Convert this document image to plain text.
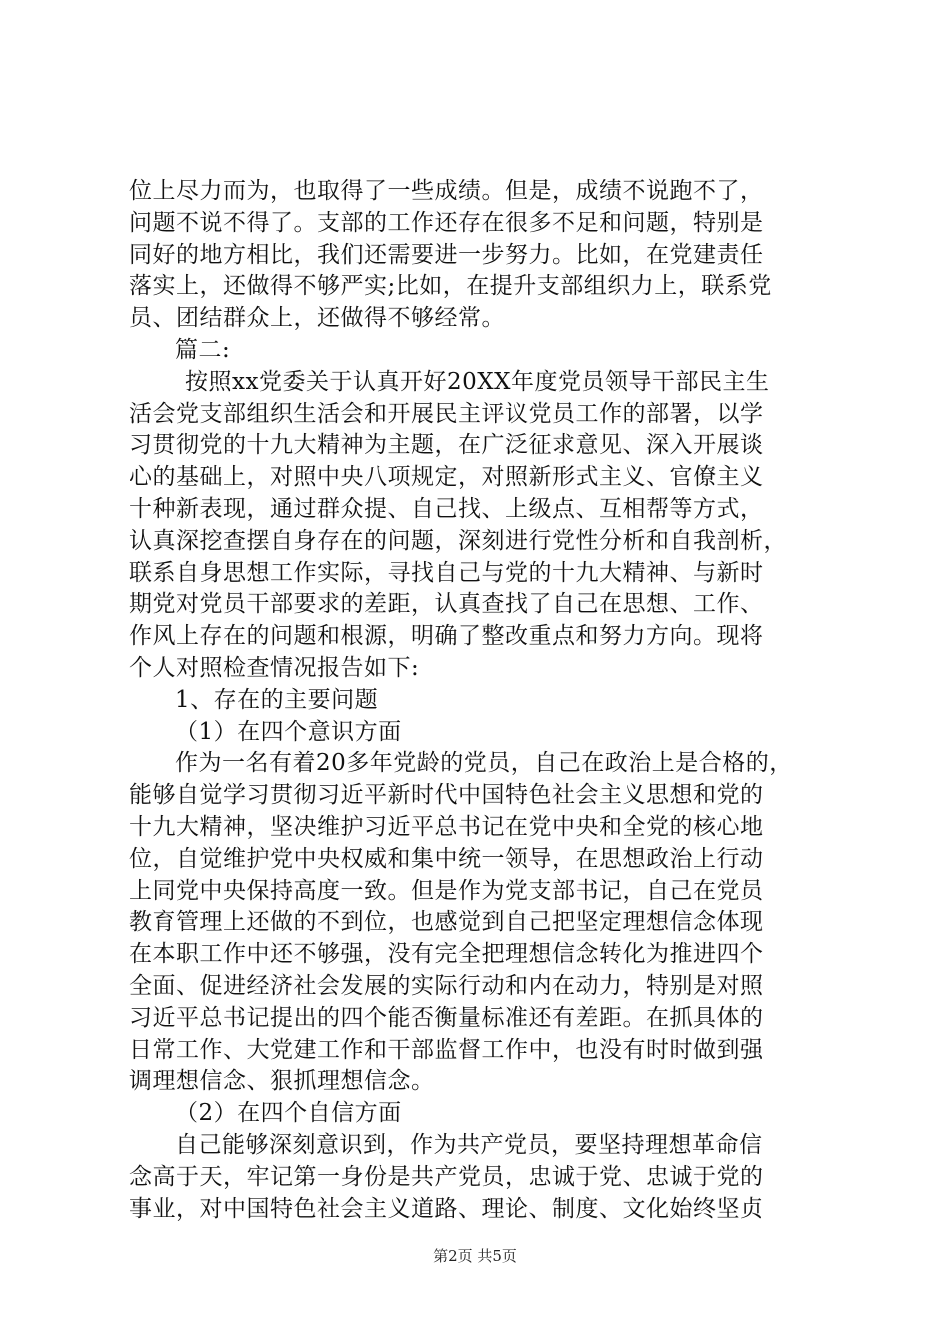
位上尽力而为，也取得了一些成绩。但是，成绩不说跑不了，
问题不说不得了。支部的工作还存在很多不足和问题，特别是
同好的地方相比，我们还需要进一步努力。比如，在党建责任
落实上，还做得不够严实;比如，在提升支部组织力上，联系党
员、团结群众上，还做得不够经常。
篇二:
按照xx党委关于认真开好20XX年度党员领导干部民主生
活会党支部组织生活会和开展民主评议党员工作的部署，以学
习贯彻党的十九大精神为主题，在广泛征求意见、深入开展谈
心的基础上，对照中央八项规定，对照新形式主义、官僚主义
十种新表现，通过群众提、自己找、上级点、互相帮等方式，
认真深挖查摆自身存在的问题，深刻进行党性分析和自我剖析，
联系自身思想工作实际，寻找自己与党的十九大精神、与新时
期党对党员干部要求的差距，认真查找了自己在思想、工作、
作风上存在的问题和根源，明确了整改重点和努力方向。现将
个人对照检查情况报告如下:
1、存在的主要问题
（1）在四个意识方面
作为一名有着20多年党龄的党员，自己在政治上是合格的，
能够自觉学习贯彻习近平新时代中国特色社会主义思想和党的
十九大精神，坚决维护习近平总书记在党中央和全党的核心地
位，自觉维护党中央权威和集中统一领导，在思想政治上行动
上同党中央保持高度一致。但是作为党支部书记，自己在党员
教育管理上还做的不到位，也感觉到自己把坚定理想信念体现
在本职工作中还不够强，没有完全把理想信念转化为推进四个
全面、促进经济社会发展的实际行动和内在动力，特别是对照
习近平总书记提出的四个能否衡量标准还有差距。在抓具体的
日常工作、大党建工作和干部监督工作中，也没有时时做到强
调理想信念、狠抓理想信念。
（2）在四个自信方面
自己能够深刻意识到，作为共产党员，要坚持理想革命信
念高于天，牢记第一身份是共产党员，忠诚于党、忠诚于党的
事业，对中国特色社会主义道路、理论、制度、文化始终坚贞
第2页 共5页
